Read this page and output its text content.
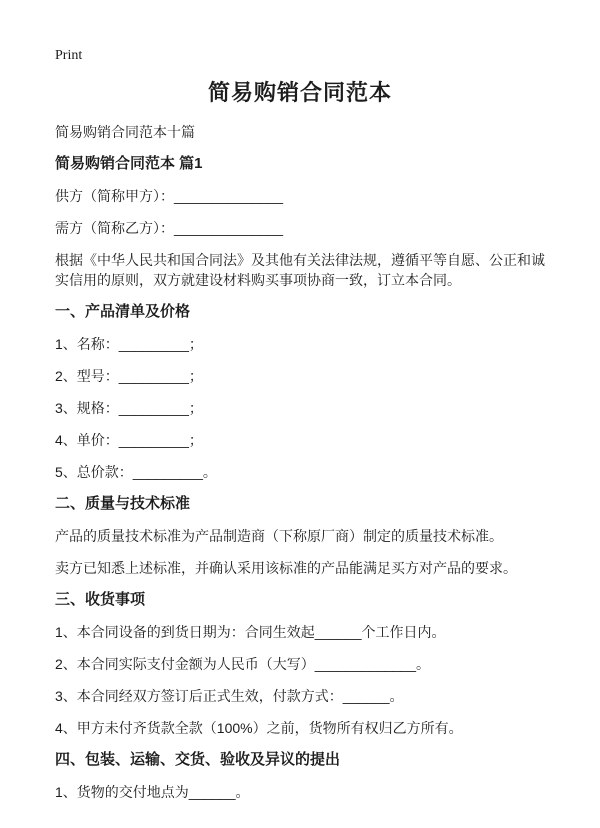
Print

简易购销合同范本

简易购销合同范本十篇

简易购销合同范本 篇1

供方（简称甲方）：______________

需方（简称乙方）：______________

根据《中华人民共和国合同法》及其他有关法律法规，遵循平等自愿、公正和诚实信用的原则，双方就建设材料购买事项协商一致，订立本合同。

一、产品清单及价格

1、名称：_________；

2、型号：_________；

3、规格：_________；

4、单价：_________；

5、总价款：_________。

二、质量与技术标准

产品的质量技术标准为产品制造商（下称原厂商）制定的质量技术标准。

卖方已知悉上述标准，并确认采用该标准的产品能满足买方对产品的要求。

三、收货事项

1、本合同设备的到货日期为：合同生效起______个工作日内。

2、本合同实际支付金额为人民币（大写）_____________。

3、本合同经双方签订后正式生效，付款方式：______。

4、甲方未付齐货款全款（100%）之前，货物所有权归乙方所有。

四、包装、运输、交货、验收及异议的提出

1、货物的交付地点为______。
